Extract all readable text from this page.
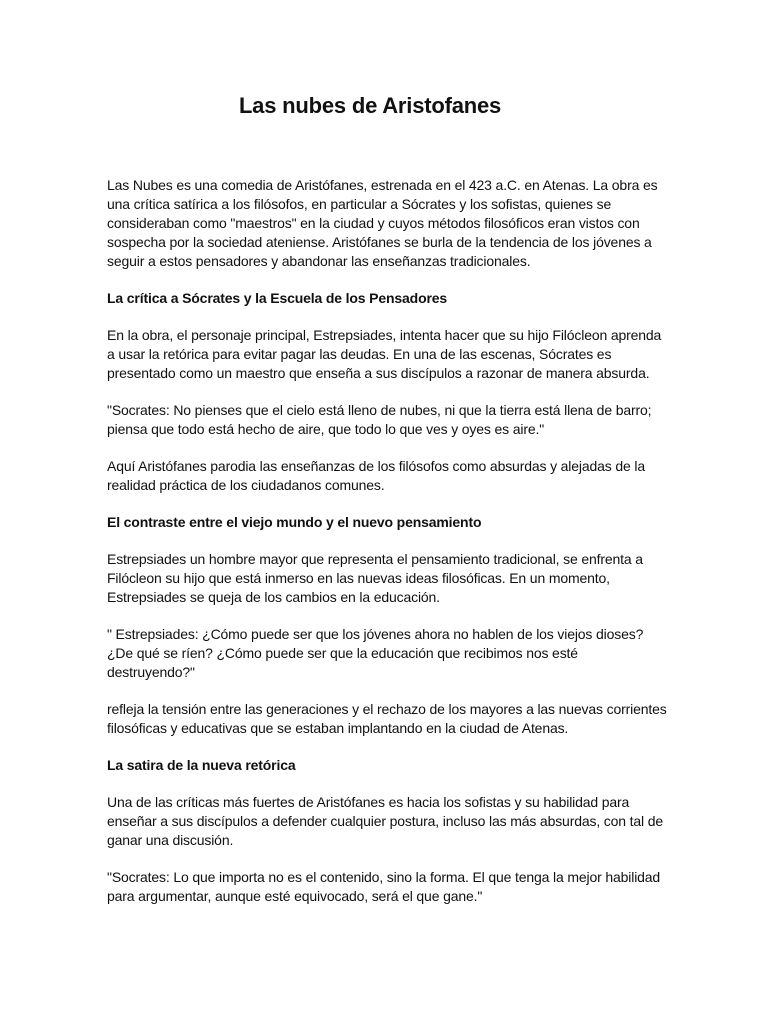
Las nubes de Aristofanes

Las Nubes es una comedia de Aristófanes, estrenada en el 423 a.C. en Atenas. La obra es una crítica satírica a los filósofos, en particular a Sócrates y los sofistas, quienes se consideraban como "maestros" en la ciudad y cuyos métodos filosóficos eran vistos con sospecha por la sociedad ateniense. Aristófanes se burla de la tendencia de los jóvenes a seguir a estos pensadores y abandonar las enseñanzas tradicionales.

La crítica a Sócrates y la Escuela de los Pensadores

En la obra, el personaje principal, Estrepsiades, intenta hacer que su hijo Filócleon aprenda a usar la retórica para evitar pagar las deudas. En una de las escenas, Sócrates es presentado como un maestro que enseña a sus discípulos a razonar de manera absurda.

"Socrates: No pienses que el cielo está lleno de nubes, ni que la tierra está llena de barro; piensa que todo está hecho de aire, que todo lo que ves y oyes es aire."

Aquí Aristófanes parodia las enseñanzas de los filósofos como absurdas y alejadas de la realidad práctica de los ciudadanos comunes.

El contraste entre el viejo mundo y el nuevo pensamiento

Estrepsiades un hombre mayor que representa el pensamiento tradicional, se enfrenta a Filócleon su hijo que está inmerso en las nuevas ideas filosóficas. En un momento, Estrepsiades se queja de los cambios en la educación.

" Estrepsiades: ¿Cómo puede ser que los jóvenes ahora no hablen de los viejos dioses? ¿De qué se ríen? ¿Cómo puede ser que la educación que recibimos nos esté destruyendo?"

refleja la tensión entre las generaciones y el rechazo de los mayores a las nuevas corrientes filosóficas y educativas que se estaban implantando en la ciudad de Atenas.

La satira de la nueva retórica

Una de las críticas más fuertes de Aristófanes es hacia los sofistas y su habilidad para enseñar a sus discípulos a defender cualquier postura, incluso las más absurdas, con tal de ganar una discusión.

"Socrates: Lo que importa no es el contenido, sino la forma. El que tenga la mejor habilidad para argumentar, aunque esté equivocado, será el que gane."
